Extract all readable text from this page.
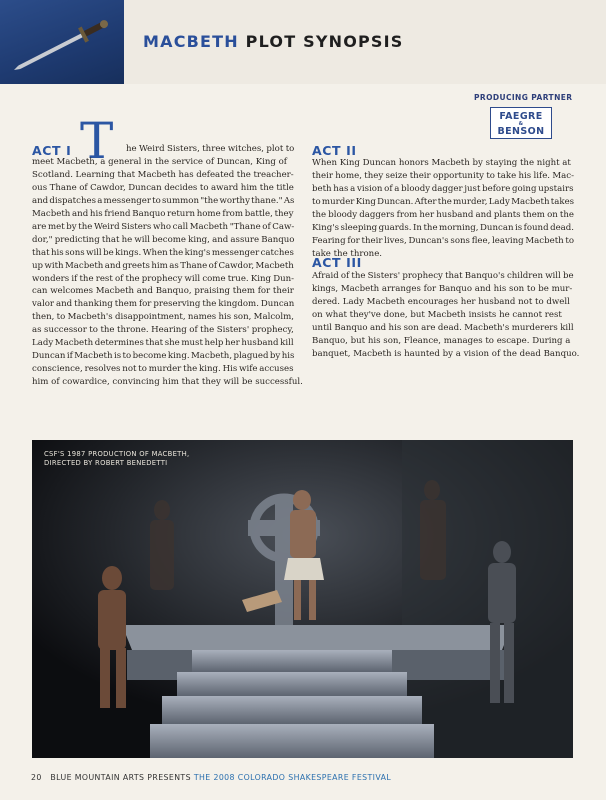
MACBETH PLOT SYNOPSIS
PRODUCING PARTNER
FAEGRE
&
BENSON
ACT I T he Weird Sisters, three witches, plot to
meet Macbeth, a general in the service of Duncan, King of
Scotland. Learning that Macbeth has defeated the treacher-
ous Thane of Cawdor, Duncan decides to award him the title
and dispatches a messenger to summon "the worthy thane." As
Macbeth and his friend Banquo return home from battle, they
are met by the Weird Sisters who call Macbeth "Thane of Caw-
dor," predicting that he will become king, and assure Banquo
that his sons will be kings. When the king's messenger catches
up with Macbeth and greets him as Thane of Cawdor, Macbeth
wonders if the rest of the prophecy will come true. King Dun-
can welcomes Macbeth and Banquo, praising them for their
valor and thanking them for preserving the kingdom. Duncan
then, to Macbeth's disappointment, names his son, Malcolm,
as successor to the throne. Hearing of the Sisters' prophecy,
Lady Macbeth determines that she must help her husband kill
Duncan if Macbeth is to become king. Macbeth, plagued by his
conscience, resolves not to murder the king. His wife accuses
him of cowardice, convincing him that they will be successful.
ACT II
When King Duncan honors Macbeth by staying the night at
their home, they seize their opportunity to take his life. Mac-
beth has a vision of a bloody dagger just before going upstairs
to murder King Duncan. After the murder, Lady Macbeth takes
the bloody daggers from her husband and plants them on the
King's sleeping guards. In the morning, Duncan is found dead.
Fearing for their lives, Duncan's sons flee, leaving Macbeth to
take the throne.
ACT III
Afraid of the Sisters' prophecy that Banquo's children will be
kings, Macbeth arranges for Banquo and his son to be mur-
dered. Lady Macbeth encourages her husband not to dwell
on what they've done, but Macbeth insists he cannot rest
until Banquo and his son are dead. Macbeth's murderers kill
Banquo, but his son, Fleance, manages to escape. During a
banquet, Macbeth is haunted by a vision of the dead Banquo.
CSF'S 1987 PRODUCTION OF MACBETH,
DIRECTED BY ROBERT BENEDETTI
20 BLUE MOUNTAIN ARTS PRESENTS THE 2008 COLORADO SHAKESPEARE FESTIVAL
